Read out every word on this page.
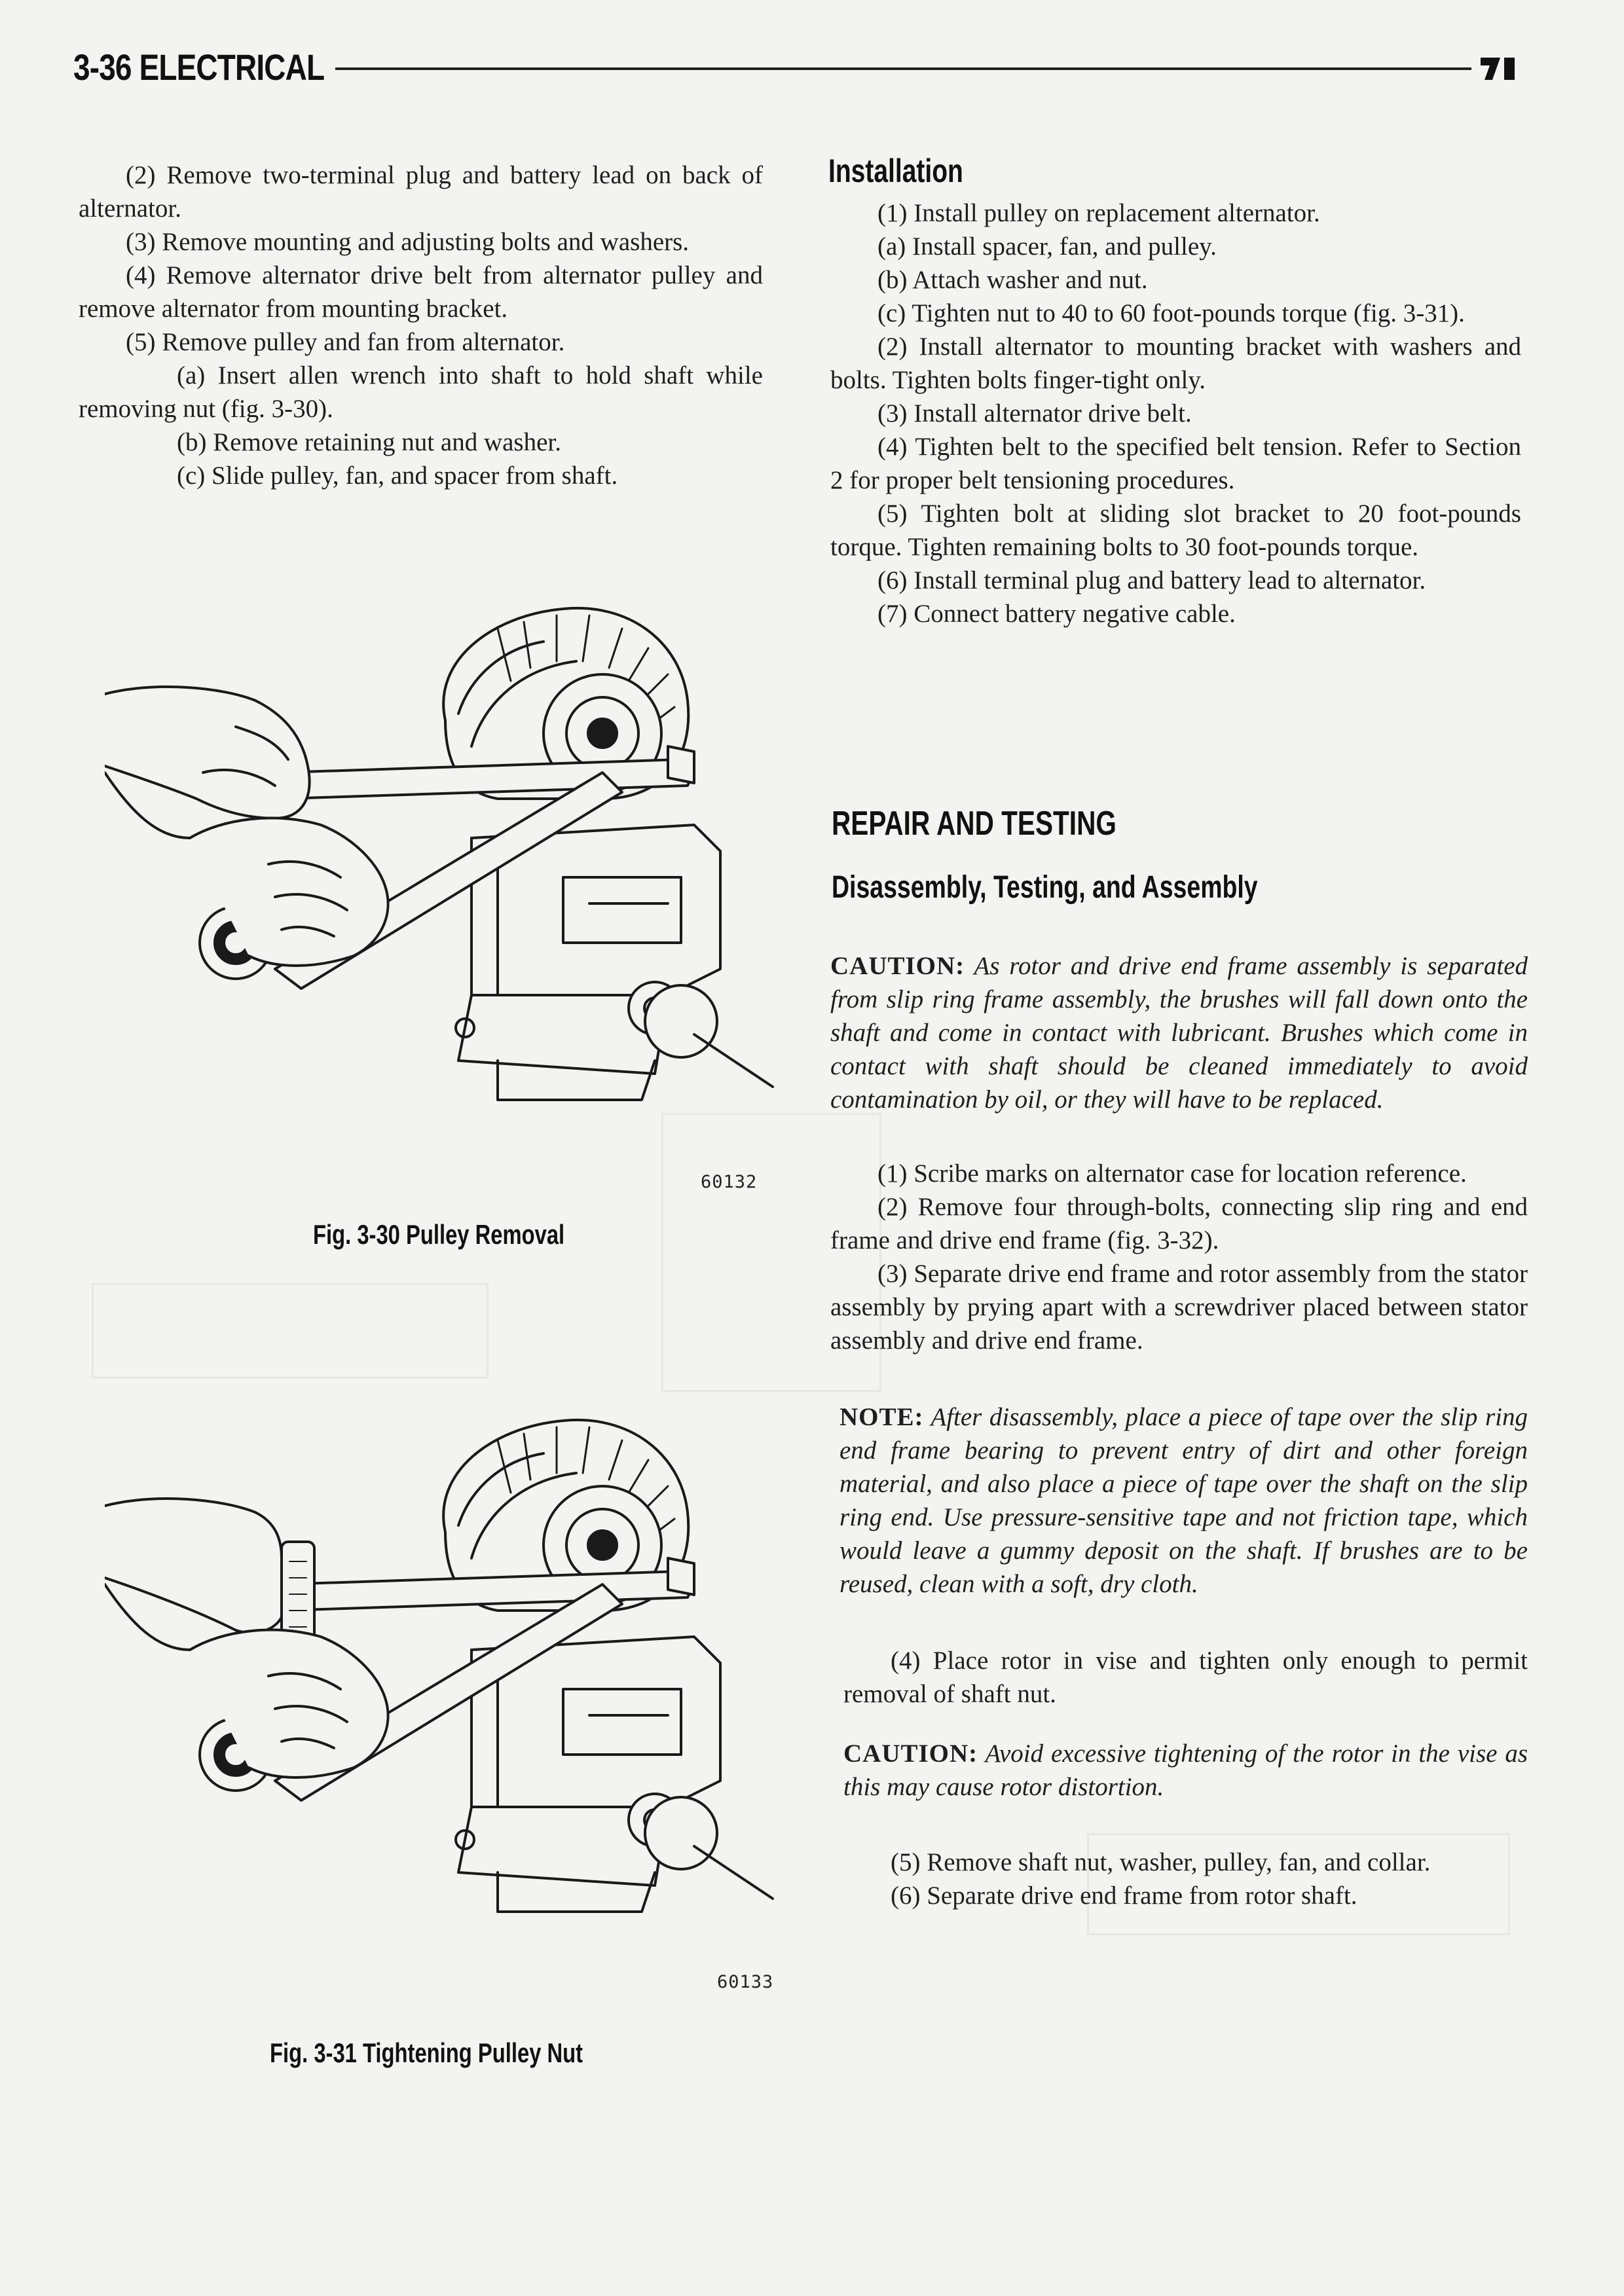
3-36 ELECTRICAL

(2) Remove two-terminal plug and battery lead on back of alternator.

(3) Remove mounting and adjusting bolts and washers.

(4) Remove alternator drive belt from alternator pulley and remove alternator from mounting bracket.

(5) Remove pulley and fan from alternator.

(a) Insert allen wrench into shaft to hold shaft while removing nut (fig. 3-30).

(b) Remove retaining nut and washer.

(c) Slide pulley, fan, and spacer from shaft.

60132
Fig. 3-30 Pulley Removal
60133
Fig. 3-31 Tightening Pulley Nut
Installation

(1) Install pulley on replacement alternator.

(a) Install spacer, fan, and pulley.

(b) Attach washer and nut.

(c) Tighten nut to 40 to 60 foot-pounds torque (fig. 3-31).

(2) Install alternator to mounting bracket with washers and bolts. Tighten bolts finger-tight only.

(3) Install alternator drive belt.

(4) Tighten belt to the specified belt tension. Refer to Section 2 for proper belt tensioning procedures.

(5) Tighten bolt at sliding slot bracket to 20 foot-pounds torque. Tighten remaining bolts to 30 foot-pounds torque.

(6) Install terminal plug and battery lead to alternator.

(7) Connect battery negative cable.

REPAIR AND TESTING
Disassembly, Testing, and Assembly

CAUTION: As rotor and drive end frame assembly is separated from slip ring frame assembly, the brushes will fall down onto the shaft and come in contact with lubricant. Brushes which come in contact with shaft should be cleaned immediately to avoid contamination by oil, or they will have to be replaced.

(1) Scribe marks on alternator case for location reference.

(2) Remove four through-bolts, connecting slip ring and end frame and drive end frame (fig. 3-32).

(3) Separate drive end frame and rotor assembly from the stator assembly by prying apart with a screwdriver placed between stator assembly and drive end frame.

NOTE: After disassembly, place a piece of tape over the slip ring end frame bearing to prevent entry of dirt and other foreign material, and also place a piece of tape over the shaft on the slip ring end. Use pressure-sensitive tape and not friction tape, which would leave a gummy deposit on the shaft. If brushes are to be reused, clean with a soft, dry cloth.

(4) Place rotor in vise and tighten only enough to permit removal of shaft nut.

CAUTION: Avoid excessive tightening of the rotor in the vise as this may cause rotor distortion.

(5) Remove shaft nut, washer, pulley, fan, and collar.

(6) Separate drive end frame from rotor shaft.
